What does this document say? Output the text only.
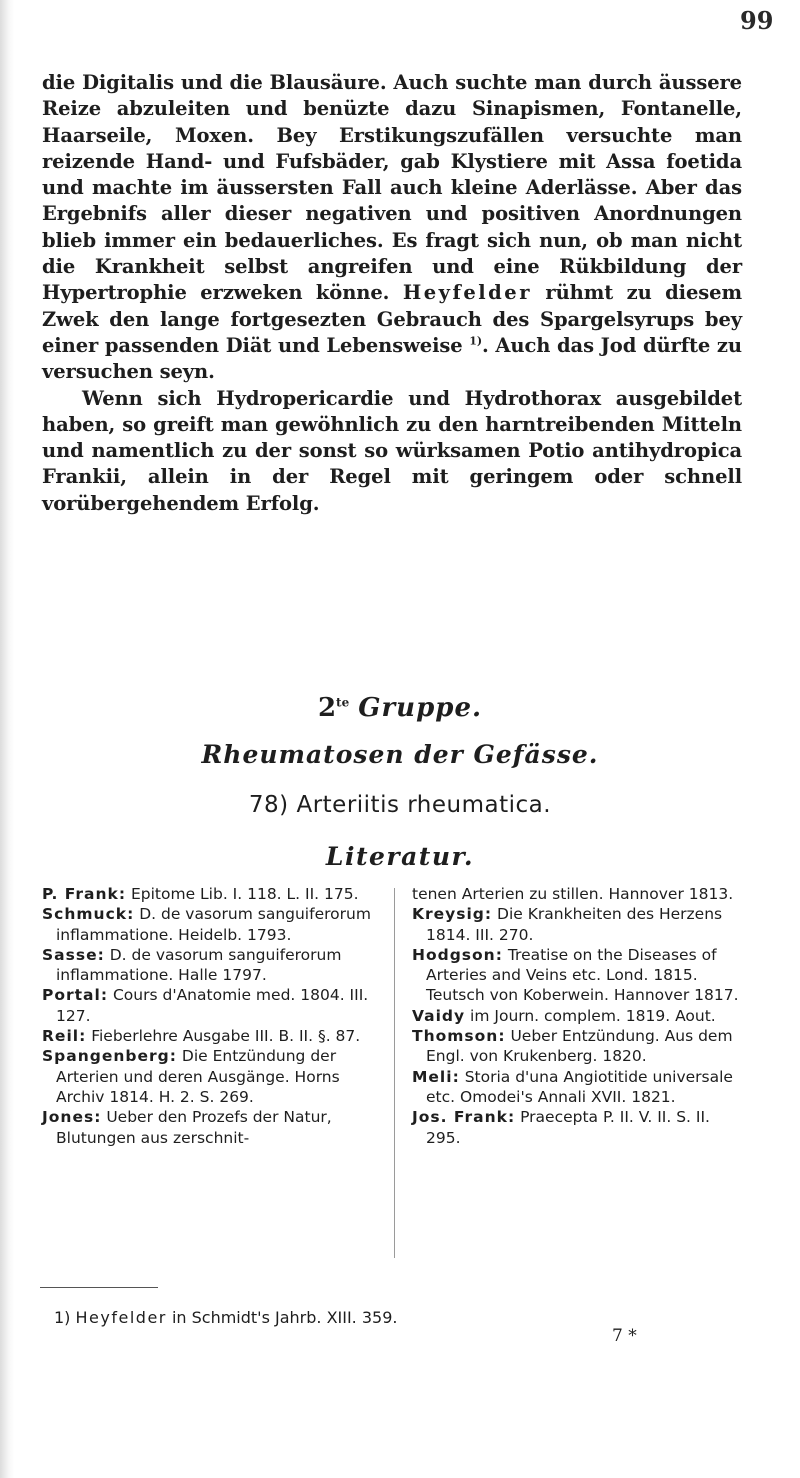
99

die Digitalis und die Blausäure. Auch suchte man durch äussere Reize abzuleiten und benüzte dazu Sinapismen, Fontanelle, Haarseile, Moxen. Bey Erstikungszufällen versuchte man reizende Hand- und Fufsbäder, gab Klystiere mit Assa foetida und machte im äussersten Fall auch kleine Aderlässe. Aber das Ergebnifs aller dieser negativen und positiven Anordnungen blieb immer ein bedauerliches. Es fragt sich nun, ob man nicht die Krankheit selbst angreifen und eine Rükbildung der Hypertrophie erzweken könne. Heyfelder rühmt zu diesem Zwek den lange fortgesezten Gebrauch des Spargelsyrups bey einer passenden Diät und Lebensweise $^{1)}$. Auch das Jod dürfte zu versuchen seyn.

Wenn sich Hydropericardie und Hydrothorax ausgebildet haben, so greift man gewöhnlich zu den harntreibenden Mitteln und namentlich zu der sonst so würksamen Potio antihydropica Frankii, allein in der Regel mit geringem oder schnell vorübergehendem Erfolg.

$2^{te}$ Gruppe.
Rheumatosen der Gefässe.
78) Arteriitis rheumatica.
Literatur.
P. Frank: Epitome Lib. I. 118. L. II. 175.
Schmuck: D. de vasorum sanguiferorum inflammatione. Heidelb. 1793.
Sasse: D. de vasorum sanguiferorum inflammatione. Halle 1797.
Portal: Cours d'Anatomie med. 1804. III. 127.
Reil: Fieberlehre Ausgabe III. B. II. §. 87.
Spangenberg: Die Entzündung der Arterien und deren Ausgänge. Horns Archiv 1814. H. 2. S. 269.
Jones: Ueber den Prozefs der Natur, Blutungen aus zerschnit-
tenen Arterien zu stillen. Hannover 1813.
Kreysig: Die Krankheiten des Herzens 1814. III. 270.
Hodgson: Treatise on the Diseases of Arteries and Veins etc. Lond. 1815. Teutsch von Koberwein. Hannover 1817.
Vaidy im Journ. complem. 1819. Aout.
Thomson: Ueber Entzündung. Aus dem Engl. von Krukenberg. 1820.
Meli: Storia d'una Angiotitide universale etc. Omodei's Annali XVII. 1821.
Jos. Frank: Praecepta P. II. V. II. S. II. 295.
1) Heyfelder in Schmidt's Jahrb. XIII. 359.
7 *
